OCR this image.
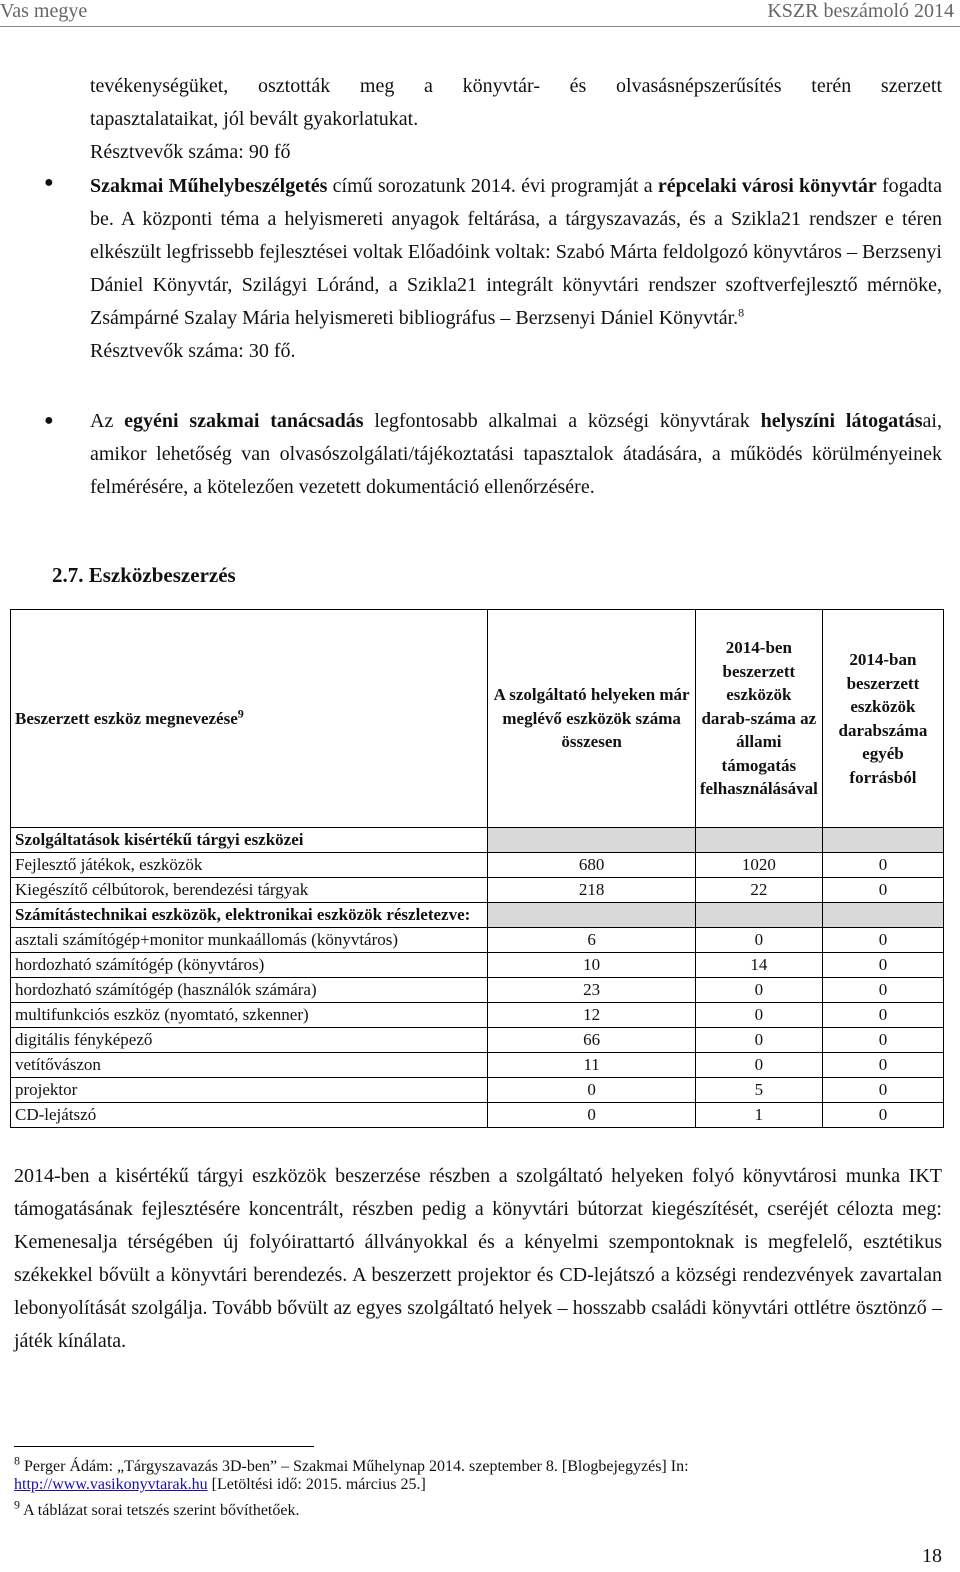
Vas megye	KSZR beszámoló 2014
tevékenységüket, osztották meg a könyvtár- és olvasásnépszerűsítés terén szerzett
tapasztalataikat, jól bevált gyakorlatukat.
Résztvevők száma: 90 fő
● Szakmai Műhelybeszélgetés című sorozatunk 2014. évi programját a répcelaki városi könyvtár fogadta be. A központi téma a helyismereti anyagok feltárása, a tárgyszavazás, és a Szikla21 rendszer e téren elkészült legfrissebb fejlesztései voltak Előadóink voltak: Szabó Márta feldolgozó könyvtáros – Berzsenyi Dániel Könyvtár, Szilágyi Lóránd, a Szikla21 integrált könyvtári rendszer szoftverfejlesztő mérnöke, Zsámpárné Szalay Mária helyismereti bibliográfus – Berzsenyi Dániel Könyvtár.$^8$
Résztvevők száma: 30 fő.
● Az egyéni szakmai tanácsadás legfontosabb alkalmai a községi könyvtárak helyszíni látogatásai, amikor lehetőség van olvasószolgálati/tájékoztatási tapasztalok átadására, a működés körülményeinek felmérésére, a kötelezően vezetett dokumentáció ellenőrzésére.
2.7. Eszközbeszerzés
Beszerzett eszköz megnevezése$^9$	A szolgáltató helyeken már meglévő eszközök száma összesen	2014-ben beszerzett eszközök darab-száma az állami támogatás felhasználásával	2014-ban beszerzett eszközök darabszáma egyéb forrásból
Szolgáltatások kisértékű tárgyi eszközei			
Fejlesztő játékok, eszközök	680	1020	0
Kiegészítő célbútorok, berendezési tárgyak	218	22	0
Számítástechnikai eszközök, elektronikai eszközök részletezve:			
asztali számítógép+monitor munkaállomás (könyvtáros)	6	0	0
hordozható számítógép (könyvtáros)	10	14	0
hordozható számítógép (használók számára)	23	0	0
multifunkciós eszköz (nyomtató, szkenner)	12	0	0
digitális fényképező	66	0	0
vetítővászon	11	0	0
projektor	0	5	0
CD-lejátszó	0	1	0
2014-ben a kisértékű tárgyi eszközök beszerzése részben a szolgáltató helyeken folyó könyvtárosi munka IKT támogatásának fejlesztésére koncentrált, részben pedig a könyvtári bútorzat kiegészítését, cseréjét célozta meg: Kemenesalja térségében új folyóirattartó állványokkal és a kényelmi szempontoknak is megfelelő, esztétikus székekkel bővült a könyvtári berendezés. A beszerzett projektor és CD-lejátszó a községi rendezvények zavartalan lebonyolítását szolgálja. Tovább bővült az egyes szolgáltató helyek – hosszabb családi könyvtári ottlétre ösztönző – játék kínálata.
$^8$ Perger Ádám: „Tárgyszavazás 3D-ben” – Szakmai Műhelynap 2014. szeptember 8. [Blogbejegyzés] In:
http://www.vasikonyvtarak.hu [Letöltési idő: 2015. március 25.]
$^9$ A táblázat sorai tetszés szerint bővíthetőek.
18
